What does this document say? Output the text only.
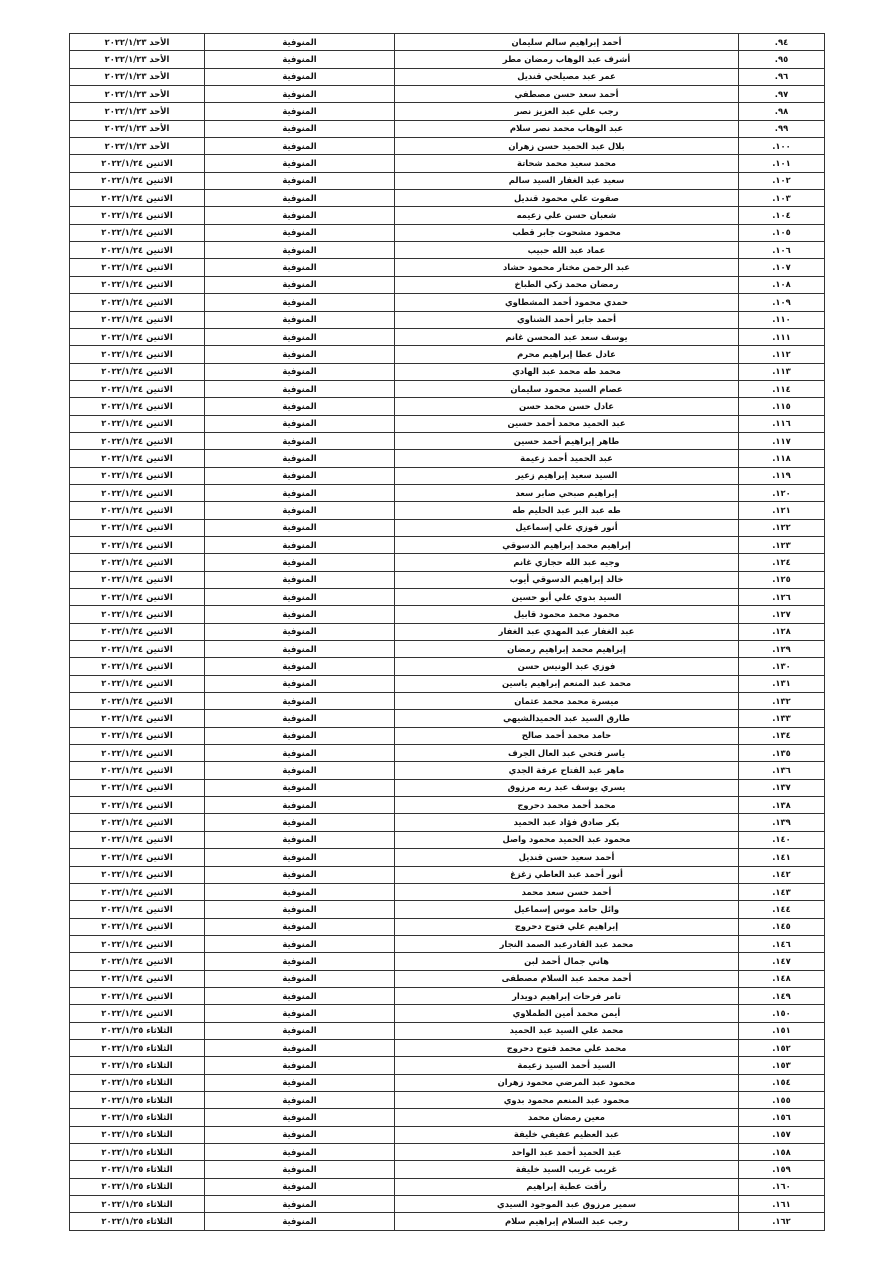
٩٤.	أحمد إبراهيم سالم سليمان	المنوفية	الأحد ٢٠٢٢/١/٢٣
٩٥.	أشرف عبد الوهاب رمضان مطر	المنوفية	الأحد ٢٠٢٢/١/٢٣
٩٦.	عمر عبد مصيلحي قنديل	المنوفية	الأحد ٢٠٢٢/١/٢٣
٩٧.	أحمد سعد حسن مصطفي	المنوفية	الأحد ٢٠٢٢/١/٢٣
٩٨.	رجب علي عبد العزيز نصر	المنوفية	الأحد ٢٠٢٢/١/٢٣
٩٩.	عبد الوهاب محمد نصر سلام	المنوفية	الأحد ٢٠٢٢/١/٢٣
١٠٠.	بلال عبد الحميد حسن زهران	المنوفية	الأحد ٢٠٢٢/١/٢٣
١٠١.	محمد سعيد محمد شحاتة	المنوفية	الاثنين ٢٠٢٢/١/٢٤
١٠٢.	سعيد عبد الغفار السيد سالم	المنوفية	الاثنين ٢٠٢٢/١/٢٤
١٠٣.	صفوت علي محمود قنديل	المنوفية	الاثنين ٢٠٢٢/١/٢٤
١٠٤.	شعبان حسن علي زعيمه	المنوفية	الاثنين ٢٠٢٢/١/٢٤
١٠٥.	محمود مشحوت جابر قطب	المنوفية	الاثنين ٢٠٢٢/١/٢٤
١٠٦.	عماد عبد الله حبيب	المنوفية	الاثنين ٢٠٢٢/١/٢٤
١٠٧.	عبد الرحمن مختار محمود حشاد	المنوفية	الاثنين ٢٠٢٢/١/٢٤
١٠٨.	رمضان محمد زكي الطباخ	المنوفية	الاثنين ٢٠٢٢/١/٢٤
١٠٩.	حمدي محمود أحمد المشطاوي	المنوفية	الاثنين ٢٠٢٢/١/٢٤
١١٠.	أحمد جابر أحمد الشناوي	المنوفية	الاثنين ٢٠٢٢/١/٢٤
١١١.	يوسف سعد عبد المحسن غانم	المنوفية	الاثنين ٢٠٢٢/١/٢٤
١١٢.	عادل عطا إبراهيم محرم	المنوفية	الاثنين ٢٠٢٢/١/٢٤
١١٣.	محمد طه محمد عبد الهادي	المنوفية	الاثنين ٢٠٢٢/١/٢٤
١١٤.	عصام السيد محمود سليمان	المنوفية	الاثنين ٢٠٢٢/١/٢٤
١١٥.	عادل حسن محمد حسن	المنوفية	الاثنين ٢٠٢٢/١/٢٤
١١٦.	عبد الحميد محمد أحمد حسين	المنوفية	الاثنين ٢٠٢٢/١/٢٤
١١٧.	طاهر إبراهيم أحمد حسين	المنوفية	الاثنين ٢٠٢٢/١/٢٤
١١٨.	عبد الحميد أحمد زعيمة	المنوفية	الاثنين ٢٠٢٢/١/٢٤
١١٩.	السيد سعيد إبراهيم زعير	المنوفية	الاثنين ٢٠٢٢/١/٢٤
١٢٠.	إبراهيم صبحي صابر سعد	المنوفية	الاثنين ٢٠٢٢/١/٢٤
١٢١.	طه عبد البر عبد الحليم طه	المنوفية	الاثنين ٢٠٢٢/١/٢٤
١٢٢.	أنور فوزي علي إسماعيل	المنوفية	الاثنين ٢٠٢٢/١/٢٤
١٢٣.	إبراهيم محمد إبراهيم الدسوقي	المنوفية	الاثنين ٢٠٢٢/١/٢٤
١٢٤.	وجيه عبد الله حجازي غانم	المنوفية	الاثنين ٢٠٢٢/١/٢٤
١٢٥.	خالد إبراهيم الدسوقي أيوب	المنوفية	الاثنين ٢٠٢٢/١/٢٤
١٢٦.	السيد بدوي علي أبو حسين	المنوفية	الاثنين ٢٠٢٢/١/٢٤
١٢٧.	محمود محمد محمود قابيل	المنوفية	الاثنين ٢٠٢٢/١/٢٤
١٢٨.	عبد الغفار عبد المهدي عبد الغفار	المنوفية	الاثنين ٢٠٢٢/١/٢٤
١٢٩.	إبراهيم محمد إبراهيم رمضان	المنوفية	الاثنين ٢٠٢٢/١/٢٤
١٣٠.	فوزي عبد الونيس حسن	المنوفية	الاثنين ٢٠٢٢/١/٢٤
١٣١.	محمد عبد المنعم إبراهيم ياسين	المنوفية	الاثنين ٢٠٢٢/١/٢٤
١٣٢.	ميسرة محمد محمد عثمان	المنوفية	الاثنين ٢٠٢٢/١/٢٤
١٣٣.	طارق السيد عبد الحميدالشيهي	المنوفية	الاثنين ٢٠٢٢/١/٢٤
١٣٤.	حامد محمد أحمد صالح	المنوفية	الاثنين ٢٠٢٢/١/٢٤
١٣٥.	ياسر فتحي عبد العال الجرف	المنوفية	الاثنين ٢٠٢٢/١/٢٤
١٣٦.	ماهر عبد الفتاح عرفة الجدي	المنوفية	الاثنين ٢٠٢٢/١/٢٤
١٣٧.	يسري يوسف عبد ربه مرزوق	المنوفية	الاثنين ٢٠٢٢/١/٢٤
١٣٨.	محمد أحمد محمد دحروج	المنوفية	الاثنين ٢٠٢٢/١/٢٤
١٣٩.	بكر صادق فؤاد عبد الحميد	المنوفية	الاثنين ٢٠٢٢/١/٢٤
١٤٠.	محمود عبد الحميد محمود واصل	المنوفية	الاثنين ٢٠٢٢/١/٢٤
١٤١.	أحمد سعيد حسن قنديل	المنوفية	الاثنين ٢٠٢٢/١/٢٤
١٤٢.	أنور أحمد عبد العاطي زغزغ	المنوفية	الاثنين ٢٠٢٢/١/٢٤
١٤٣.	أحمد حسن سعد محمد	المنوفية	الاثنين ٢٠٢٢/١/٢٤
١٤٤.	وائل حامد موس إسماعيل	المنوفية	الاثنين ٢٠٢٢/١/٢٤
١٤٥.	إبراهيم علي فتوح دحروج	المنوفية	الاثنين ٢٠٢٢/١/٢٤
١٤٦.	محمد عبد القادرعبد الصمد النجار	المنوفية	الاثنين ٢٠٢٢/١/٢٤
١٤٧.	هاني جمال أحمد لبن	المنوفية	الاثنين ٢٠٢٢/١/٢٤
١٤٨.	أحمد محمد عبد السلام مصطفى	المنوفية	الاثنين ٢٠٢٢/١/٢٤
١٤٩.	تامر فرحات إبراهيم دويدار	المنوفية	الاثنين ٢٠٢٢/١/٢٤
١٥٠.	أيمن محمد أمين الطملاوي	المنوفية	الاثنين ٢٠٢٢/١/٢٤
١٥١.	محمد علي السيد عبد الحميد	المنوفية	الثلاثاء ٢٠٢٢/١/٢٥
١٥٢.	محمد علي محمد فتوح دحروج	المنوفية	الثلاثاء ٢٠٢٢/١/٢٥
١٥٣.	السيد أحمد السيد زعيمة	المنوفية	الثلاثاء ٢٠٢٢/١/٢٥
١٥٤.	محمود عبد المرضي محمود زهران	المنوفية	الثلاثاء ٢٠٢٢/١/٢٥
١٥٥.	محمود عبد المنعم محمود بدوي	المنوفية	الثلاثاء ٢٠٢٢/١/٢٥
١٥٦.	معين رمضان محمد	المنوفية	الثلاثاء ٢٠٢٢/١/٢٥
١٥٧.	عبد العظيم عفيفي خليفة	المنوفية	الثلاثاء ٢٠٢٢/١/٢٥
١٥٨.	عبد الحميد أحمد عبد الواحد	المنوفية	الثلاثاء ٢٠٢٢/١/٢٥
١٥٩.	غريب غريب السيد خليفة	المنوفية	الثلاثاء ٢٠٢٢/١/٢٥
١٦٠.	رأفت عطية إبراهيم	المنوفية	الثلاثاء ٢٠٢٢/١/٢٥
١٦١.	سمير مرزوق عبد الموجود السيدي	المنوفية	الثلاثاء ٢٠٢٢/١/٢٥
١٦٢.	رجب عبد السلام إبراهيم سلام	المنوفية	الثلاثاء ٢٠٢٢/١/٢٥
